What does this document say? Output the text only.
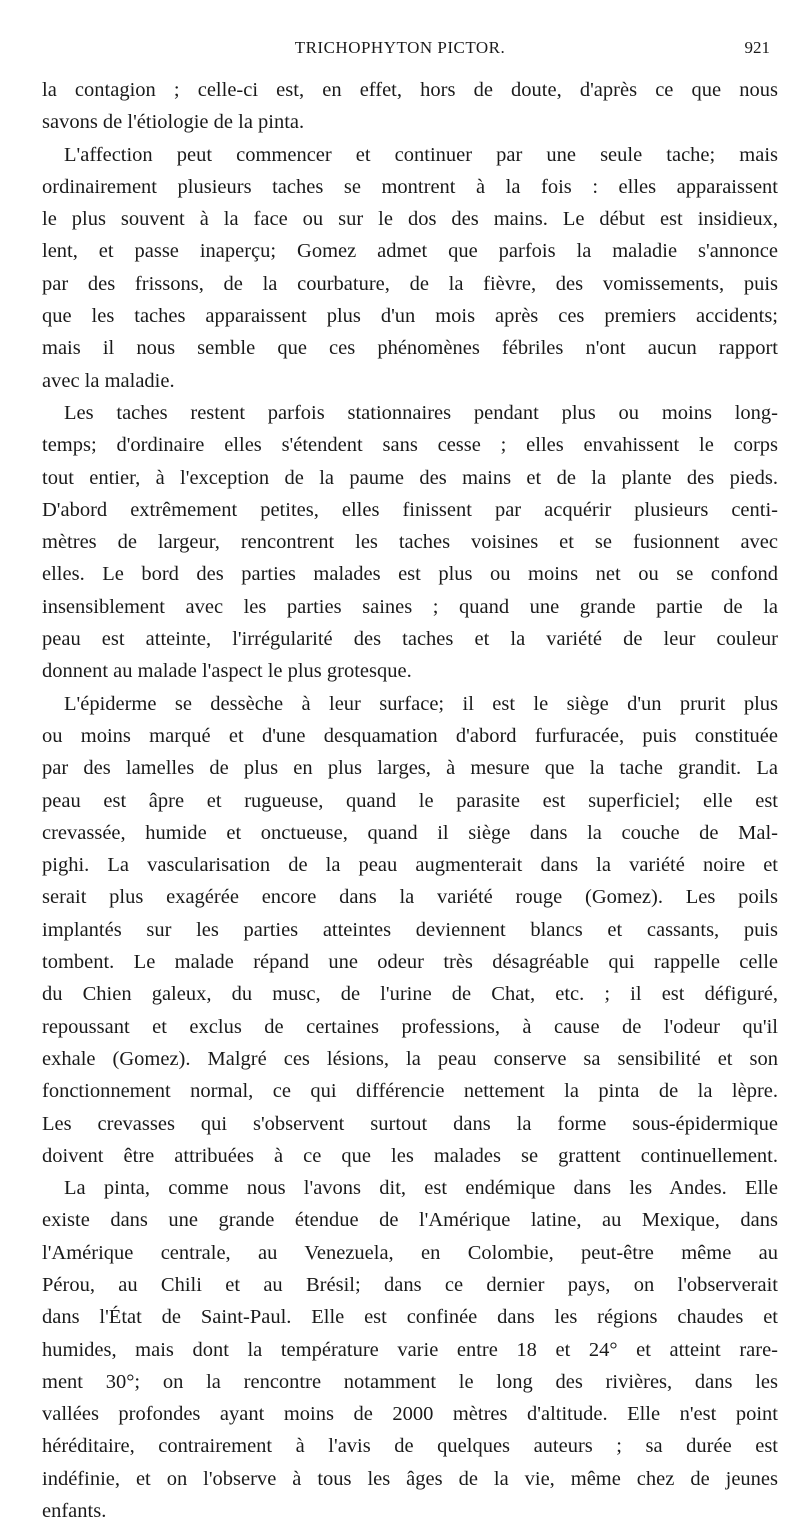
TRICHOPHYTON PICTOR.	921
la contagion ; celle-ci est, en effet, hors de doute, d'après ce que nous
savons de l'étiologie de la pinta.
L'affection peut commencer et continuer par une seule tache; mais
ordinairement plusieurs taches se montrent à la fois : elles apparaissent
le plus souvent à la face ou sur le dos des mains. Le début est insidieux,
lent, et passe inaperçu; Gomez admet que parfois la maladie s'annonce
par des frissons, de la courbature, de la fièvre, des vomissements, puis
que les taches apparaissent plus d'un mois après ces premiers accidents;
mais il nous semble que ces phénomènes fébriles n'ont aucun rapport
avec la maladie.
Les taches restent parfois stationnaires pendant plus ou moins long-
temps; d'ordinaire elles s'étendent sans cesse ; elles envahissent le corps
tout entier, à l'exception de la paume des mains et de la plante des pieds.
D'abord extrêmement petites, elles finissent par acquérir plusieurs centi-
mètres de largeur, rencontrent les taches voisines et se fusionnent avec
elles. Le bord des parties malades est plus ou moins net ou se confond
insensiblement avec les parties saines ; quand une grande partie de la
peau est atteinte, l'irrégularité des taches et la variété de leur couleur
donnent au malade l'aspect le plus grotesque.
L'épiderme se dessèche à leur surface; il est le siège d'un prurit plus
ou moins marqué et d'une desquamation d'abord furfuracée, puis constituée
par des lamelles de plus en plus larges, à mesure que la tache grandit. La
peau est âpre et rugueuse, quand le parasite est superficiel; elle est
crevassée, humide et onctueuse, quand il siège dans la couche de Mal-
pighi. La vascularisation de la peau augmenterait dans la variété noire et
serait plus exagérée encore dans la variété rouge (Gomez). Les poils
implantés sur les parties atteintes deviennent blancs et cassants, puis
tombent. Le malade répand une odeur très désagréable qui rappelle celle
du Chien galeux, du musc, de l'urine de Chat, etc. ; il est défiguré,
repoussant et exclus de certaines professions, à cause de l'odeur qu'il
exhale (Gomez). Malgré ces lésions, la peau conserve sa sensibilité et son
fonctionnement normal, ce qui différencie nettement la pinta de la lèpre.
Les crevasses qui s'observent surtout dans la forme sous-épidermique
doivent être attribuées à ce que les malades se grattent continuellement.
La pinta, comme nous l'avons dit, est endémique dans les Andes. Elle
existe dans une grande étendue de l'Amérique latine, au Mexique, dans
l'Amérique centrale, au Venezuela, en Colombie, peut-être même au
Pérou, au Chili et au Brésil; dans ce dernier pays, on l'observerait
dans l'État de Saint-Paul. Elle est confinée dans les régions chaudes et
humides, mais dont la température varie entre 18 et 24° et atteint rare-
ment 30°; on la rencontre notamment le long des rivières, dans les
vallées profondes ayant moins de 2000 mètres d'altitude. Elle n'est point
héréditaire, contrairement à l'avis de quelques auteurs ; sa durée est
indéfinie, et on l'observe à tous les âges de la vie, même chez de jeunes
enfants.
